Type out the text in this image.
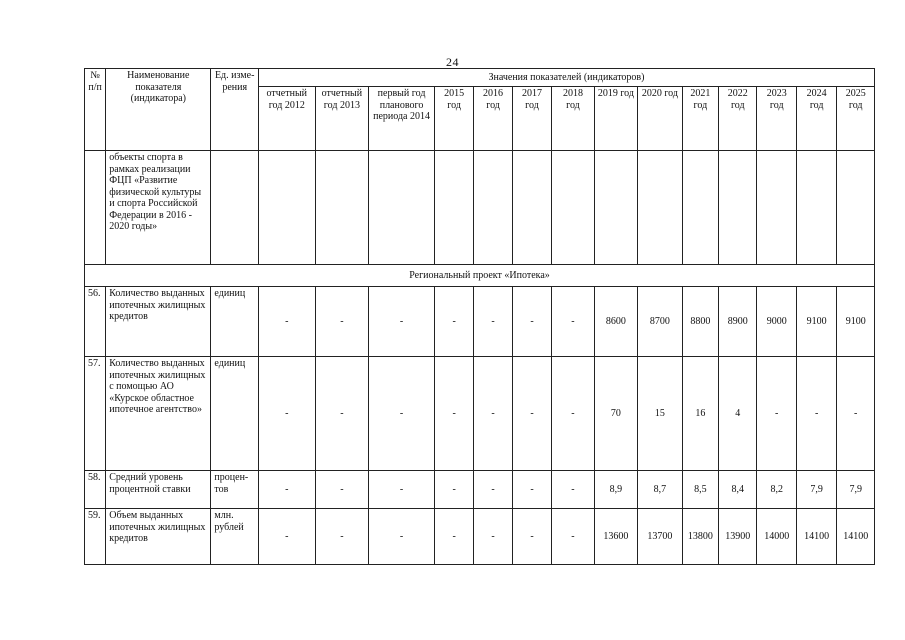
24
№ п/п	Наименование показателя (индикатора)	Ед. изме-рения	Значения показателей (индикаторов)													
			отчетный год 2012	отчетный год 2013	первый год планового периода 2014	2015 год	2016 год	2017 год	2018 год	2019 год	2020 год	2021 год	2022 год	2023 год	2024 год	2025 год
	объекты спорта в рамках реализации ФЦП «Развитие физической культуры и спорта Российской Федерации в 2016 - 2020 годы»															
Региональный проект «Ипотека»																
56.	Количество выданных ипотечных жилищных кредитов	единиц	-	-	-	-	-	-	-	8600	8700	8800	8900	9000	9100	9100
57.	Количество выданных ипотечных жилищных с помощью АО «Курское областное ипотечное агентство»	единиц	-	-	-	-	-	-	-	70	15	16	4	-	-	-
58.	Средний уровень процентной ставки	процен-тов	-	-	-	-	-	-	-	8,9	8,7	8,5	8,4	8,2	7,9	7,9
59.	Объем выданных ипотечных жилищных кредитов	млн. рублей	-	-	-	-	-	-	-	13600	13700	13800	13900	14000	14100	14100
